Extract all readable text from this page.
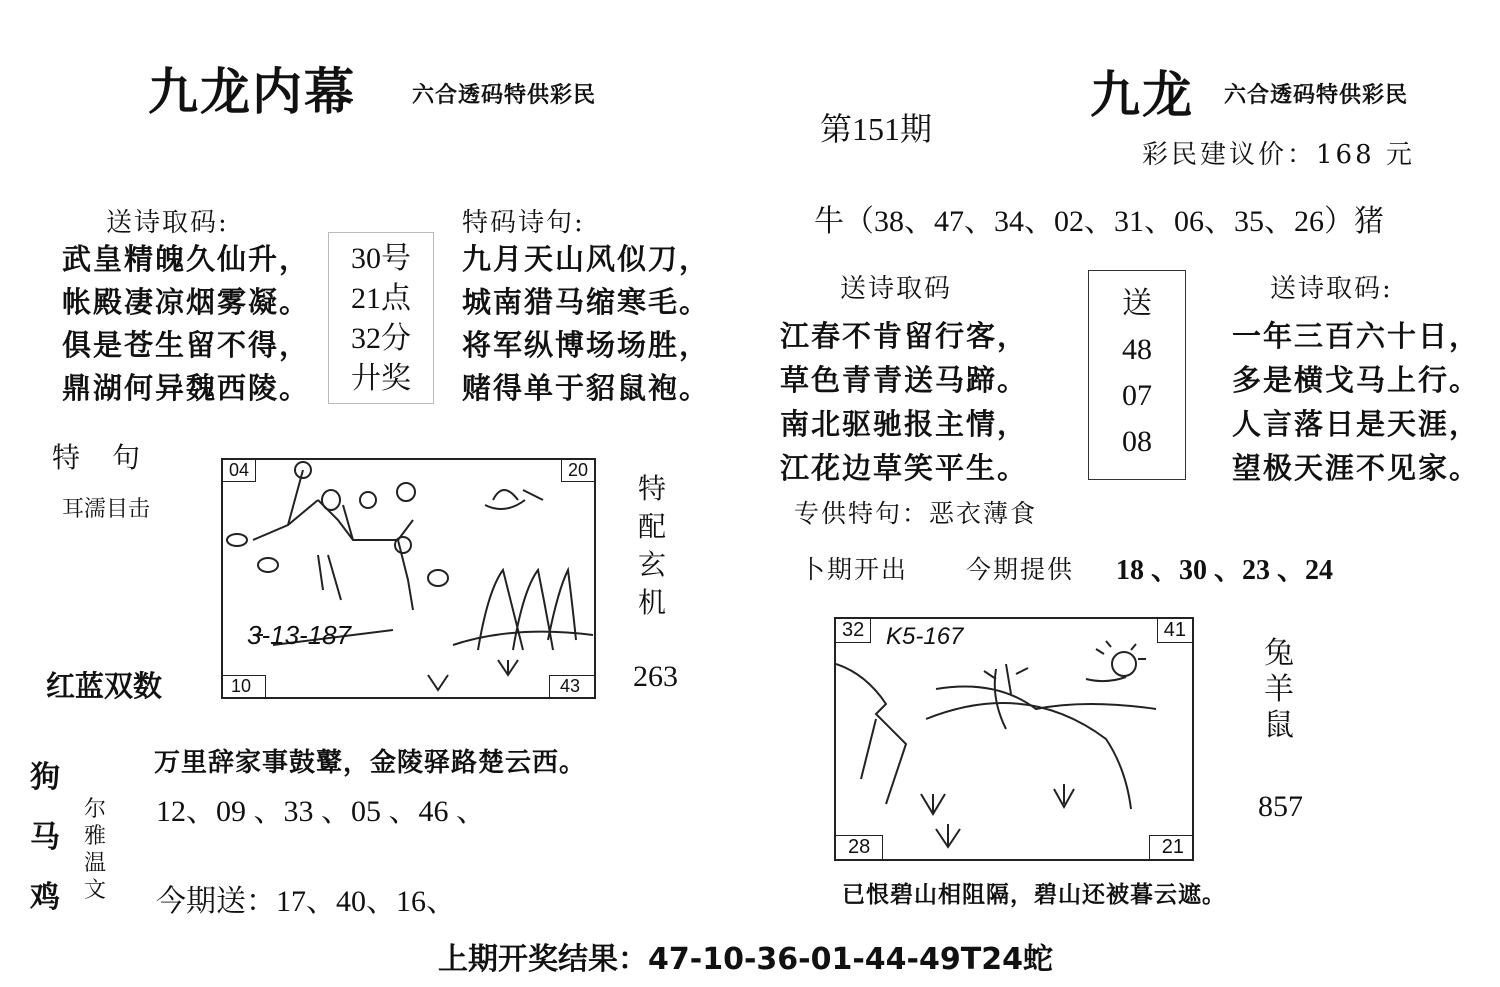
九龙内幕	六合透码特供彩民
送诗取码:
武皇精魄久仙升，
帐殿凄凉烟雾凝。
俱是苍生留不得，
鼎湖何异魏西陵。
30号
21点
32分
廾奖
特码诗句:
九月天山风似刀，
城南猎马缩寒毛。
将军纵博场场胜，
赌得单于貂鼠袍。
特　句
耳濡目击
红蓝双数
04	20
10	43
3-13-187
特
配
玄
机
263
狗
马
鸡
尔
雅
温
文
万里辞家事鼓鼙，金陵驿路楚云西。
12、09 、33 、05 、46 、
今期送：17、40、16、
第151期
九龙 六合透码特供彩民
彩民建议价：168 元
牛（38、47、34、02、31、06、35、26）猪
送诗取码
江春不肯留行客，
草色青青送马蹄。
南北驱驰报主情，
江花边草笑平生。
送
48
07
08
送诗取码:
一年三百六十日，
多是横戈马上行。
人言落日是天涯，
望极天涯不见家。
专供特句：恶衣薄食
卜期开出 今期提供 18 、30 、23 、24
32	41
28	21
K5-167	兔
羊
鼠
857
已恨碧山相阻隔，碧山还被暮云遮。
上期开奖结果：47-10-36-01-44-49T24蛇
